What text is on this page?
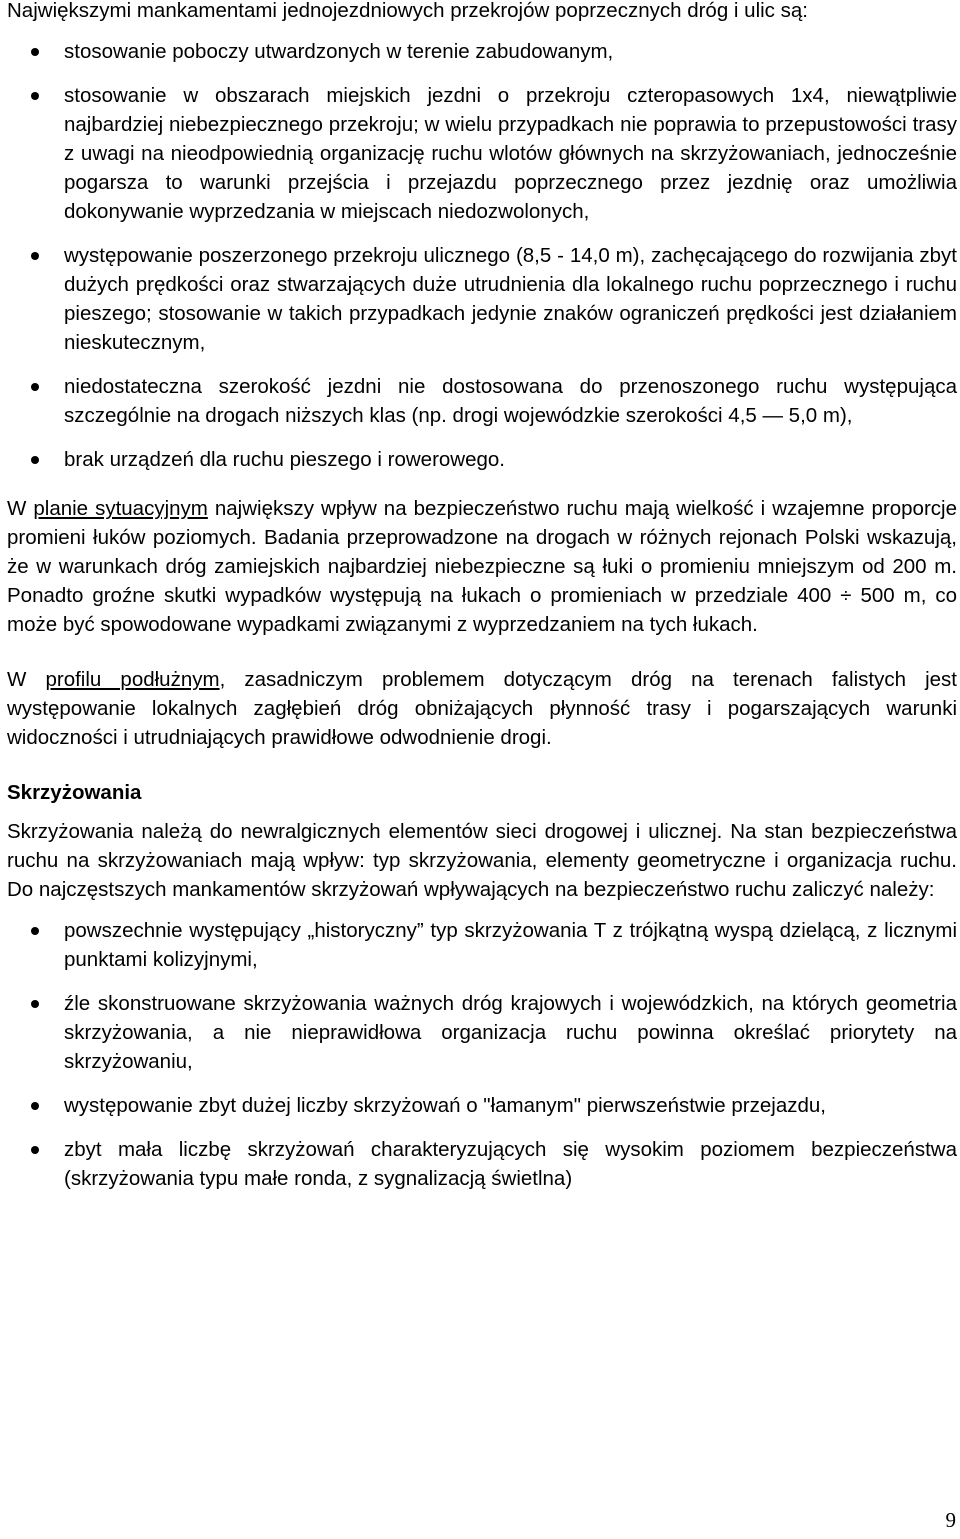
Największymi mankamentami jednojezdniowych przekrojów poprzecznych dróg i ulic są:

stosowanie poboczy utwardzonych w terenie zabudowanym,
stosowanie w obszarach miejskich jezdni o przekroju czteropasowych 1x4, niewątpliwie najbardziej niebezpiecznego przekroju; w wielu przypadkach nie poprawia to przepustowości trasy z uwagi na nieodpowiednią organizację ruchu wlotów głównych na skrzyżowaniach, jednocześnie pogarsza to warunki przejścia i przejazdu poprzecznego przez jezdnię oraz umożliwia dokonywanie wyprzedzania w miejscach niedozwolonych,
występowanie poszerzonego przekroju ulicznego (8,5 - 14,0 m), zachęcającego do rozwijania zbyt dużych prędkości oraz stwarzających duże utrudnienia dla lokalnego ruchu poprzecznego i ruchu pieszego; stosowanie w takich przypadkach jedynie znaków ograniczeń prędkości jest działaniem nieskutecznym,
niedostateczna szerokość jezdni nie dostosowana do przenoszonego ruchu występująca szczególnie na drogach niższych klas (np. drogi wojewódzkie szerokości 4,5 — 5,0 m),
brak urządzeń dla ruchu pieszego i rowerowego.

W planie sytuacyjnym największy wpływ na bezpieczeństwo ruchu mają wielkość i wzajemne proporcje promieni łuków poziomych. Badania przeprowadzone na drogach w różnych rejonach Polski wskazują, że w warunkach dróg zamiejskich najbardziej niebezpieczne są łuki o promieniu mniejszym od 200 m. Ponadto groźne skutki wypadków występują na łukach o promieniach w przedziale 400 ÷ 500 m, co może być spowodowane wypadkami związanymi z wyprzedzaniem na tych łukach.

W profilu podłużnym, zasadniczym problemem dotyczącym dróg na terenach falistych jest występowanie lokalnych zagłębień dróg obniżających płynność trasy i pogarszających warunki widoczności i utrudniających prawidłowe odwodnienie drogi.

Skrzyżowania

Skrzyżowania należą do newralgicznych elementów sieci drogowej i ulicznej. Na stan bezpieczeństwa ruchu na skrzyżowaniach mają wpływ: typ skrzyżowania, elementy geometryczne i organizacja ruchu. Do najczęstszych mankamentów skrzyżowań wpływających na bezpieczeństwo ruchu zaliczyć należy:

powszechnie występujący „historyczny” typ skrzyżowania T z trójkątną wyspą dzielącą, z licznymi punktami kolizyjnymi,
źle skonstruowane skrzyżowania ważnych dróg krajowych i wojewódzkich, na których geometria skrzyżowania, a nie nieprawidłowa organizacja ruchu powinna określać priorytety na skrzyżowaniu,
występowanie zbyt dużej liczby skrzyżowań o "łamanym" pierwszeństwie przejazdu,
zbyt mała liczbę skrzyżowań charakteryzujących się wysokim poziomem bezpieczeństwa (skrzyżowania typu małe ronda, z sygnalizacją świetlna)
9
